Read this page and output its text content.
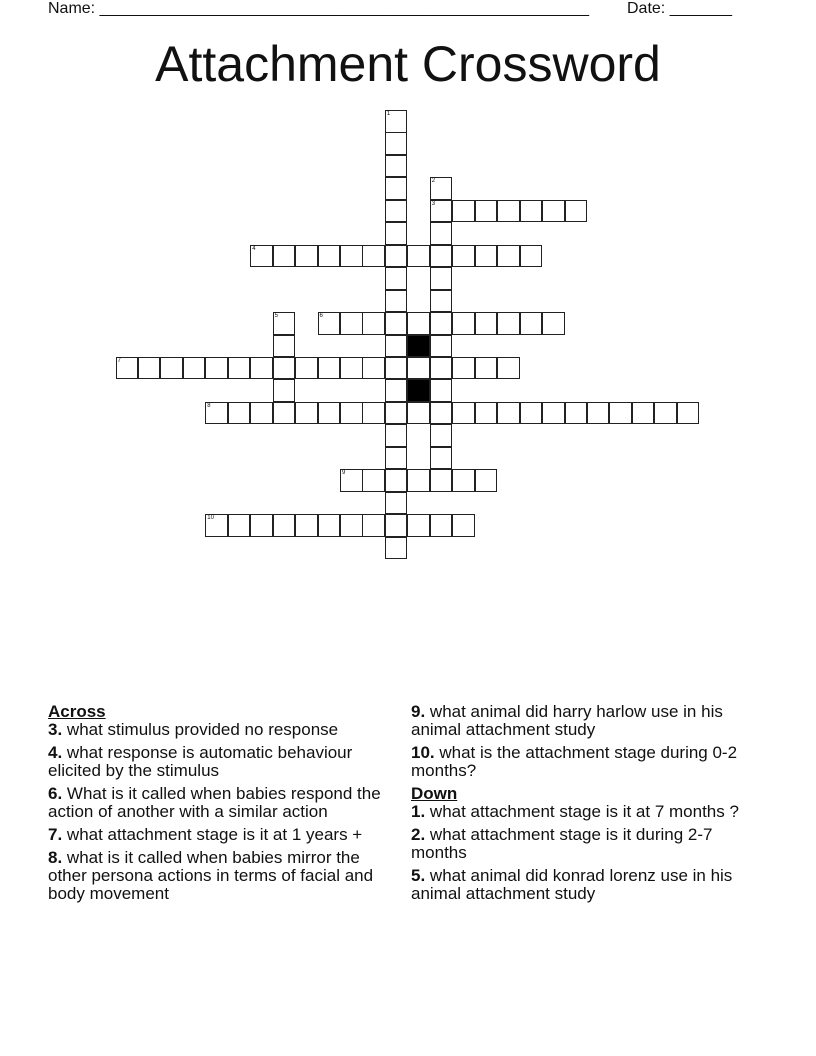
Name: _______________________________________________________ Date: _______
Attachment Crossword
1
2
3
4
5	6
7
8
9
10

Across

3. what stimulus provided no response

4. what response is automatic behaviour elicited by the stimulus

6. What is it called when babies respond the action of another with a similar action

7. what attachment stage is it at 1 years +

8. what is it called when babies mirror the other persona actions in terms of facial and body movement

9. what animal did harry harlow use in his animal attachment study

10. what is the attachment stage during 0-2 months?

Down

1. what attachment stage is it at 7 months ?

2. what attachment stage is it during 2-7 months

5. what animal did konrad lorenz use in his animal attachment study
